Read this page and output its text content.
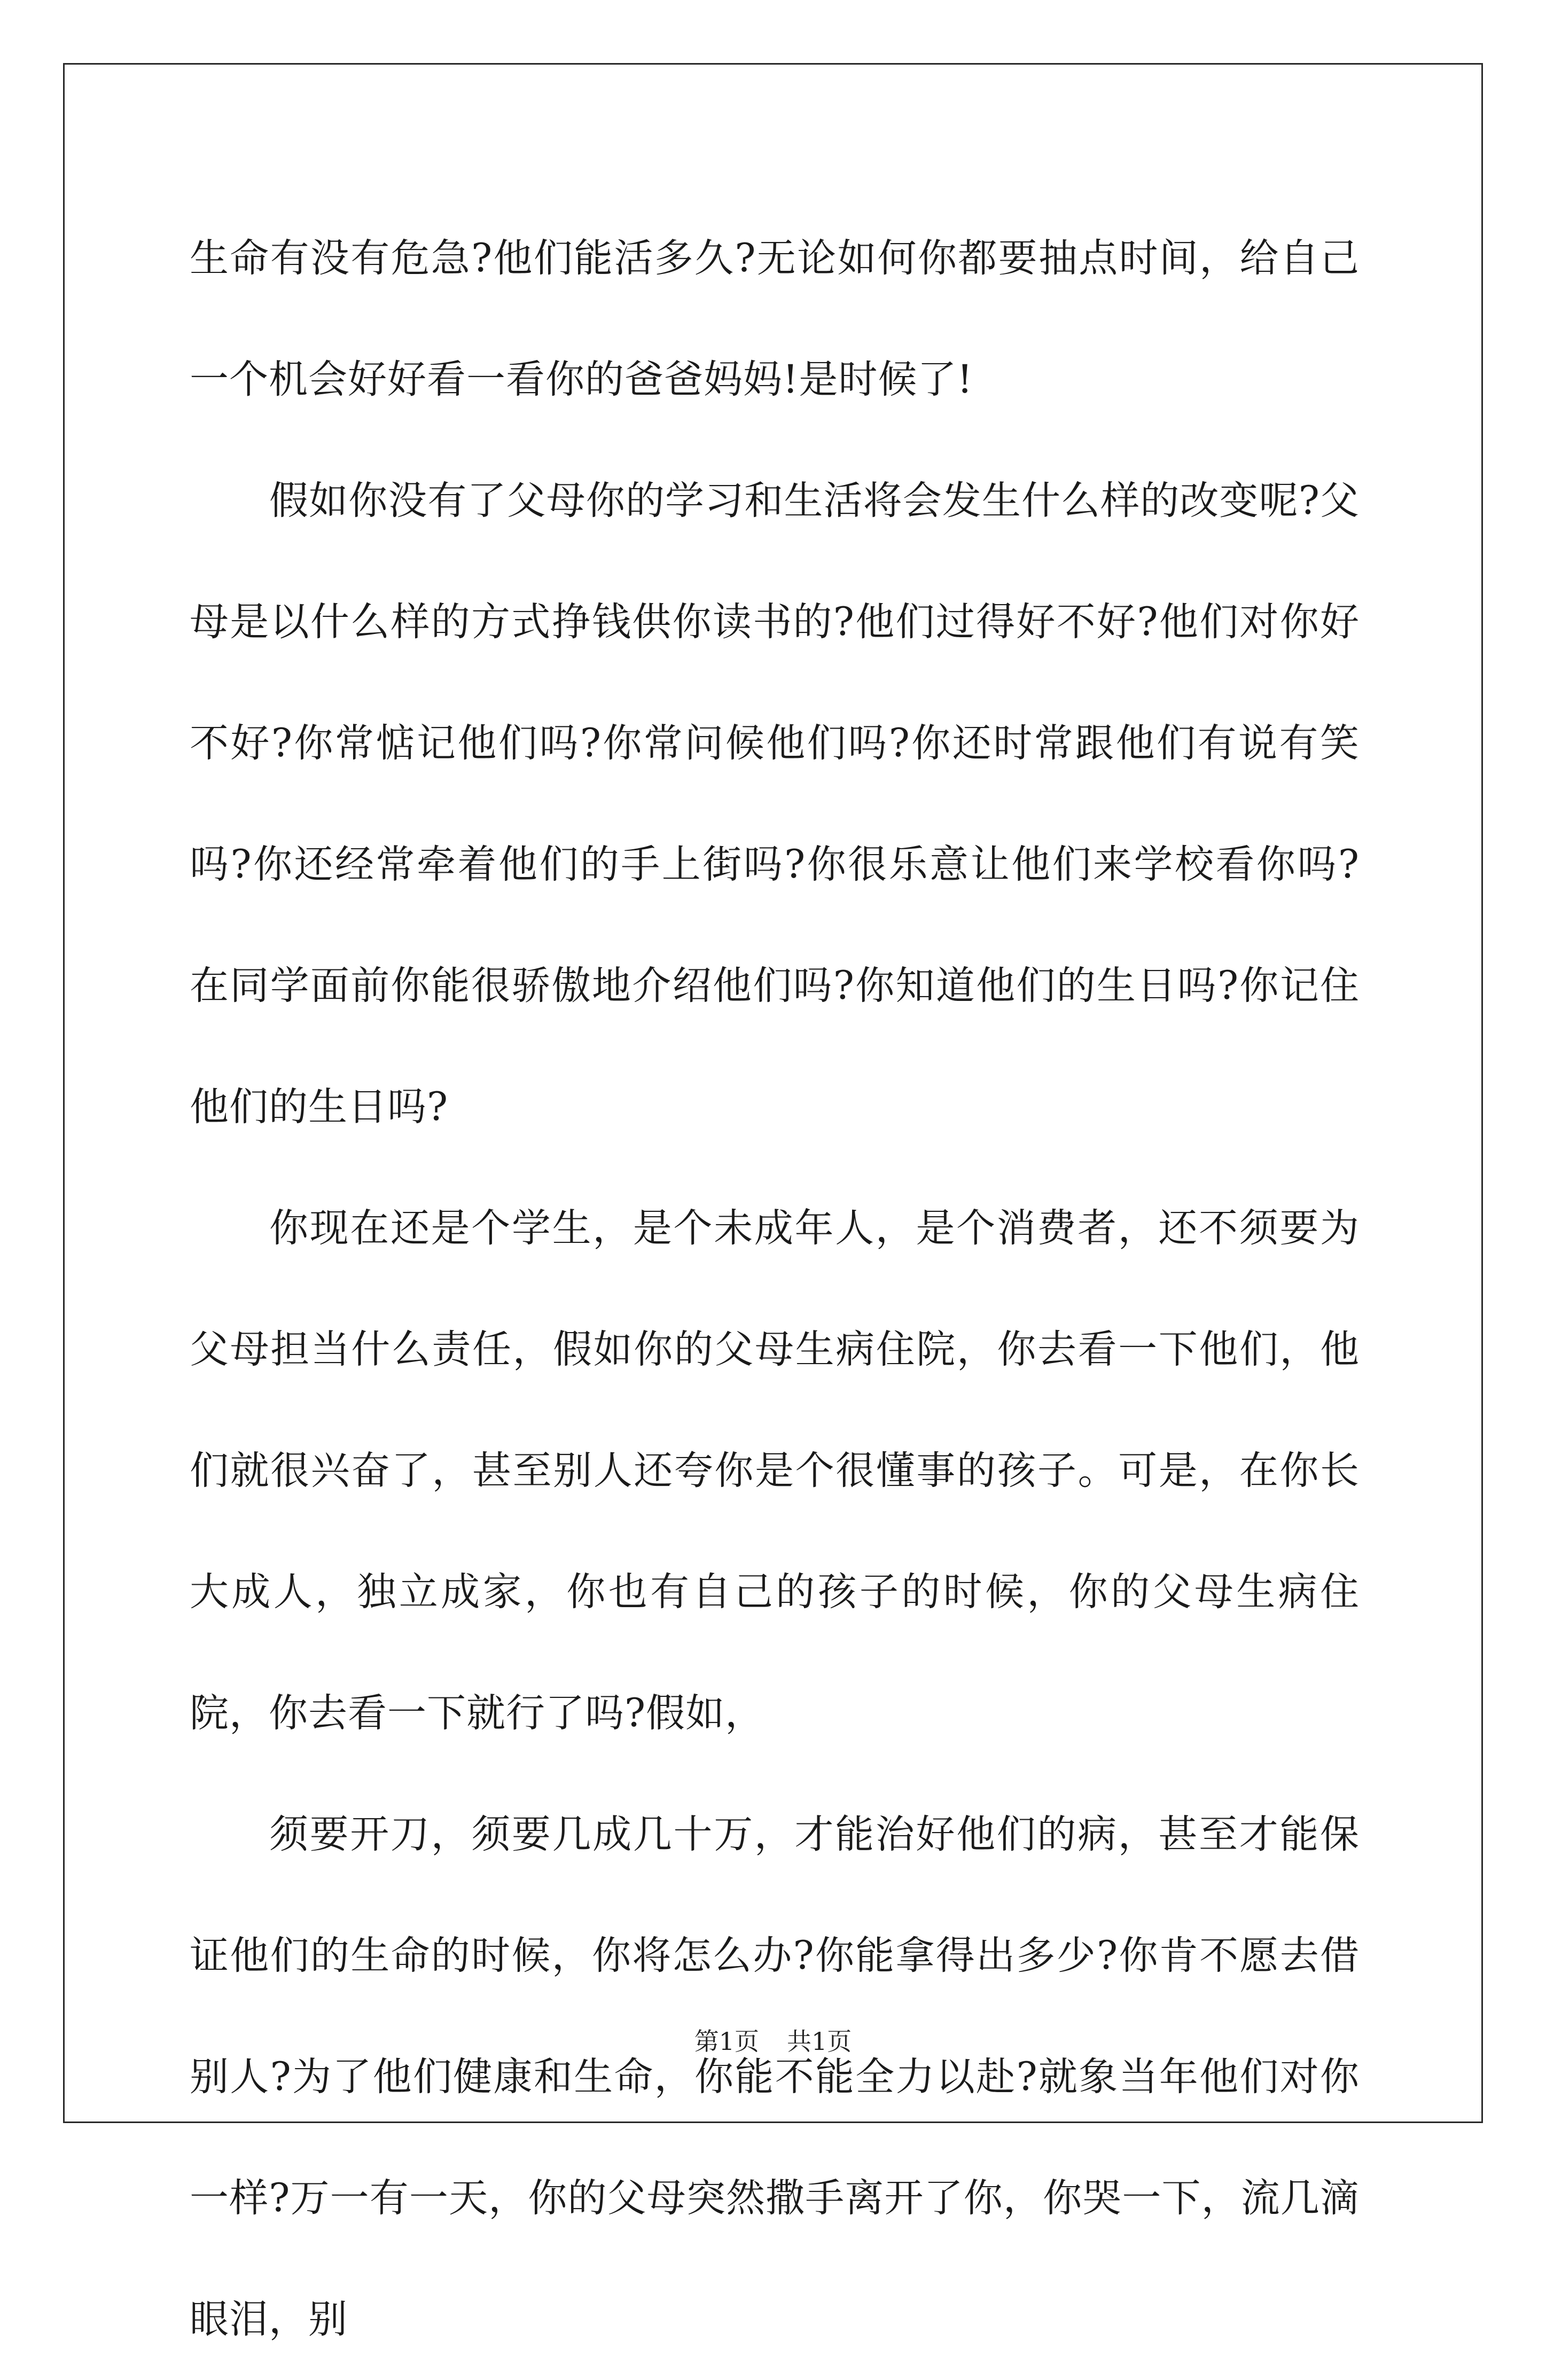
生命有没有危急?他们能活多久?无论如何你都要抽点时间，给自己一个机会好好看一看你的爸爸妈妈!是时候了!

假如你没有了父母你的学习和生活将会发生什么样的改变呢?父母是以什么样的方式挣钱供你读书的?他们过得好不好?他们对你好不好?你常惦记他们吗?你常问候他们吗?你还时常跟他们有说有笑吗?你还经常牵着他们的手上街吗?你很乐意让他们来学校看你吗?在同学面前你能很骄傲地介绍他们吗?你知道他们的生日吗?你记住他们的生日吗?

你现在还是个学生，是个未成年人，是个消费者，还不须要为父母担当什么责任，假如你的父母生病住院，你去看一下他们，他们就很兴奋了，甚至别人还夸你是个很懂事的孩子。可是，在你长大成人，独立成家，你也有自己的孩子的时候，你的父母生病住院，你去看一下就行了吗?假如，

须要开刀，须要几成几十万，才能治好他们的病，甚至才能保证他们的生命的时候，你将怎么办?你能拿得出多少?你肯不愿去借别人?为了他们健康和生命，你能不能全力以赴?就象当年他们对你一样?万一有一天，你的父母突然撒手离开了你，你哭一下，流几滴眼泪，别

第1页 共1页
